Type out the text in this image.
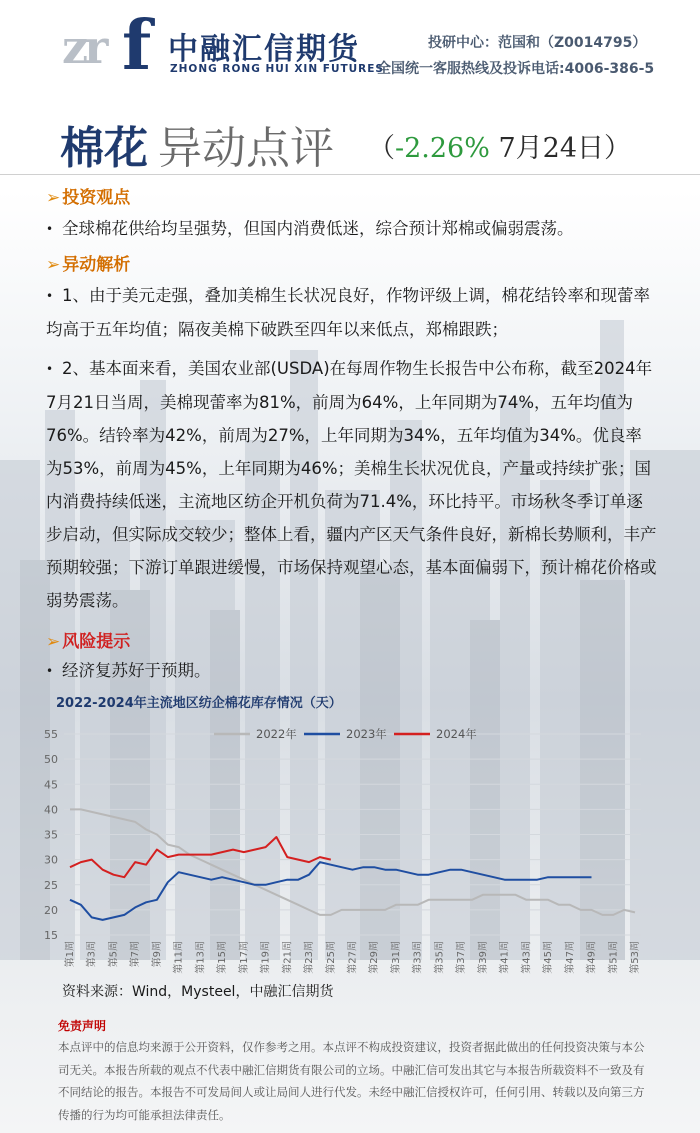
zr f 中融汇信期货
ZHONG RONG HUI XIN FUTURES
投研中心：范国和（Z0014795）
全国统一客服热线及投诉电话:4006-386-5
棉花 异动点评 （-2.26% 7月24日）
➢ 投资观点
• 全球棉花供给均呈强势，但国内消费低迷，综合预计郑棉或偏弱震荡。
➢ 异动解析
• 1、由于美元走强，叠加美棉生长状况良好，作物评级上调，棉花结铃率和现蕾率均高于五年均值；隔夜美棉下破跌至四年以来低点，郑棉跟跌；
• 2、基本面来看，美国农业部(USDA)在每周作物生长报告中公布称，截至2024年7月21日当周，美棉现蕾率为81%，前周为64%，上年同期为74%，五年均值为76%。结铃率为42%，前周为27%，上年同期为34%，五年均值为34%。优良率为53%，前周为45%，上年同期为46%；美棉生长状况优良，产量或持续扩张；国内消费持续低迷，主流地区纺企开机负荷为71.4%，环比持平。市场秋冬季订单逐步启动，但实际成交较少；整体上看，疆内产区天气条件良好，新棉长势顺利，丰产预期较强；下游订单跟进缓慢，市场保持观望心态，基本面偏弱下，预计棉花价格或弱势震荡。
➢ 风险提示
• 经济复苏好于预期。
2022-2024年主流地区纺企棉花库存情况（天）
15
20
25
30
35
40
45
50
55
第1周 第3周 第5周 第7周 第9周 第11周 第13周 第15周 第17周 第19周 第21周 第23周 第25周 第27周 第29周 第31周 第33周 第35周 第37周 第39周 第41周 第43周 第45周 第47周 第49周 第51周 第53周
2022年	2023年	2024年
资料来源：Wind，Mysteel，中融汇信期货
免责声明
本点评中的信息均来源于公开资料，仅作参考之用。本点评不构成投资建议，投资者据此做出的任何投资决策与本公司无关。本报告所载的观点不代表中融汇信期货有限公司的立场。中融汇信可发出其它与本报告所载资料不一致及有不同结论的报告。本报告不可发局间人或让局间人进行代发。未经中融汇信授权许可，任何引用、转载以及向第三方传播的行为均可能承担法律责任。
